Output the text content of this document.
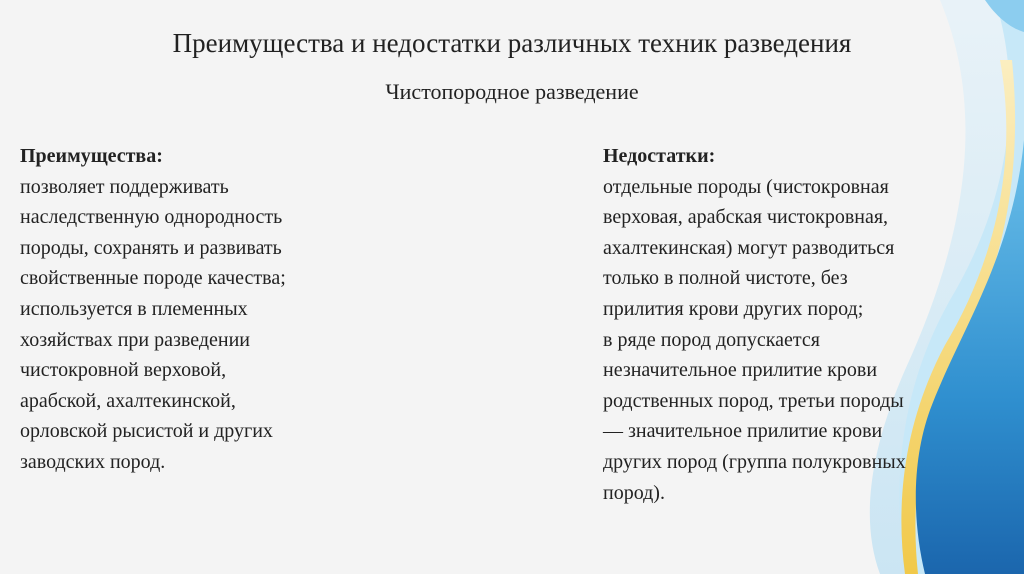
Преимущества и недостатки различных техник разведения
Чистопородное разведение
Преимущества:
позволяет поддерживать
наследственную однородность
породы, сохранять и развивать
свойственные породе качества;
используется в племенных
хозяйствах при разведении
чистокровной верховой,
арабской, ахалтекинской,
орловской рысистой и других
заводских пород.
Недостатки:
отдельные породы (чистокровная
верховая, арабская чистокровная,
ахалтекинская) могут разводиться
только в полной чистоте, без
прилития крови других пород;
в ряде пород допускается
незначительное прилитие крови
родственных пород, третьи породы
— значительное прилитие крови
других пород (группа полукровных
пород).
